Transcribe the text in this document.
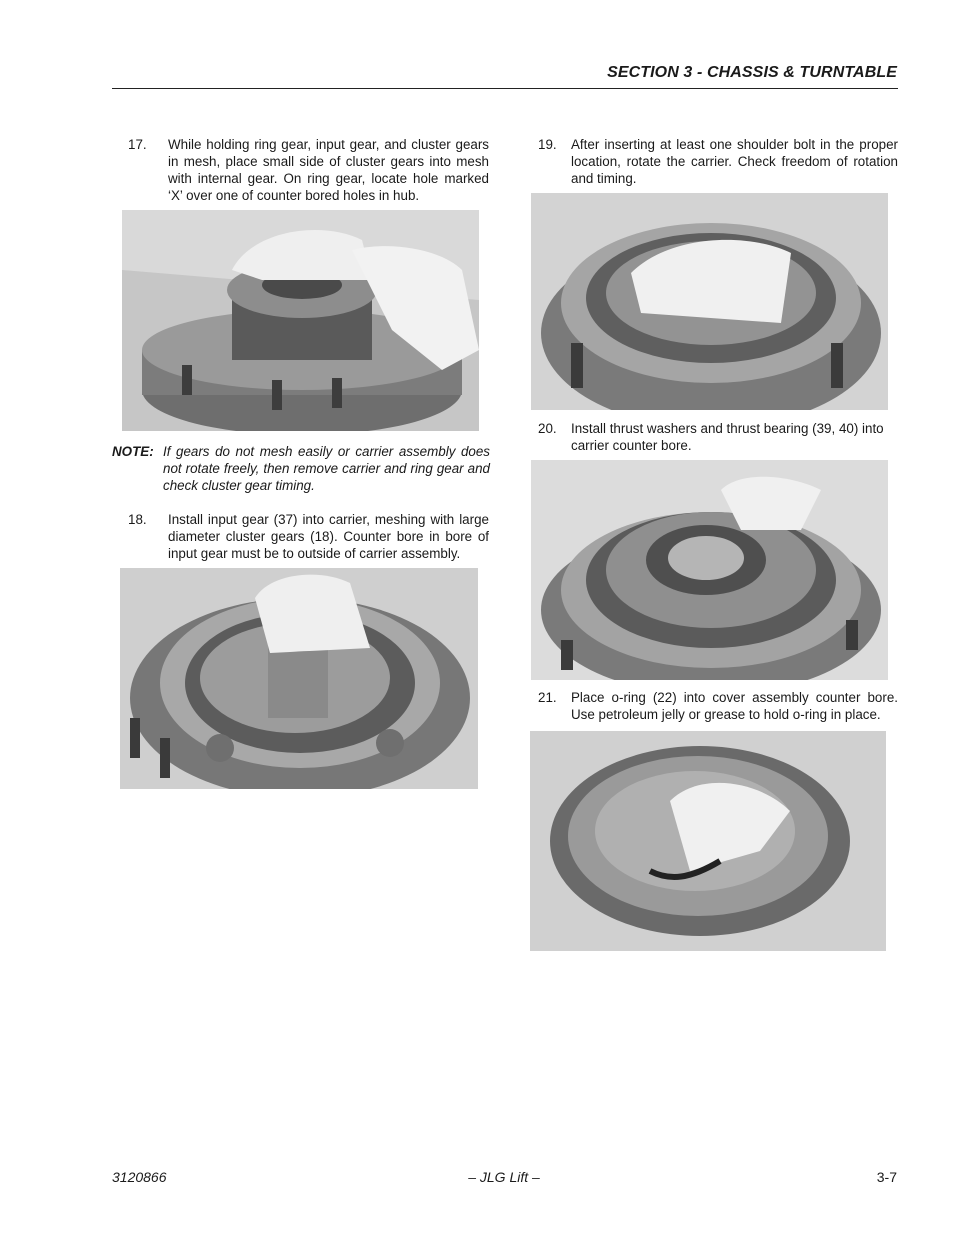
SECTION 3 - CHASSIS & TURNTABLE
17.	While holding ring gear, input gear, and cluster gears in mesh, place small side of cluster gears into mesh with internal gear. On ring gear, locate hole marked ‘X’ over one of counter bored holes in hub.
NOTE: If gears do not mesh easily or carrier assembly does not rotate freely, then remove carrier and ring gear and check cluster gear timing.
18.	Install input gear (37) into carrier, meshing with large diameter cluster gears (18). Counter bore in bore of input gear must be to outside of carrier assembly.
19.	After inserting at least one shoulder bolt in the proper location, rotate the carrier. Check freedom of rotation and timing.
20.	Install thrust washers and thrust bearing (39, 40) into carrier counter bore.
21.	Place o-ring (22) into cover assembly counter bore. Use petroleum jelly or grease to hold o-ring in place.
3120866	– JLG Lift –	3-7
